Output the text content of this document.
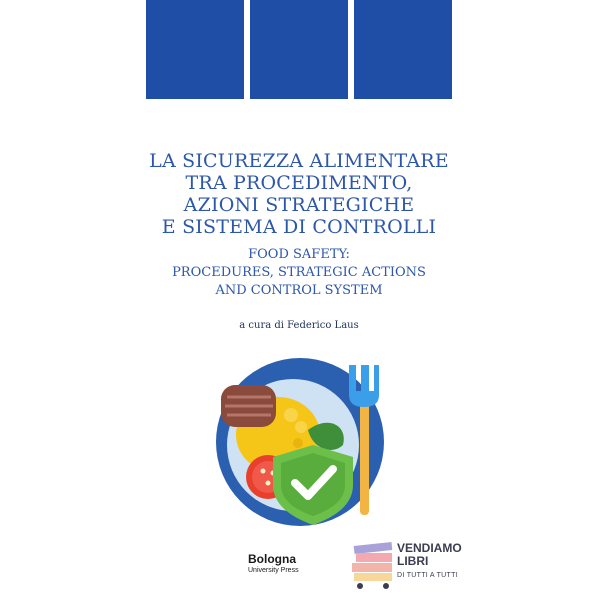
LA SICUREZZA ALIMENTARE
TRA PROCEDIMENTO,
AZIONI STRATEGICHE
E SISTEMA DI CONTROLLI
FOOD SAFETY:
PROCEDURES, STRATEGIC ACTIONS
AND CONTROL SYSTEM
a cura di Federico Laus
Bologna
University Press
VENDIAMO
LIBRI
DI TUTTI A TUTTI
